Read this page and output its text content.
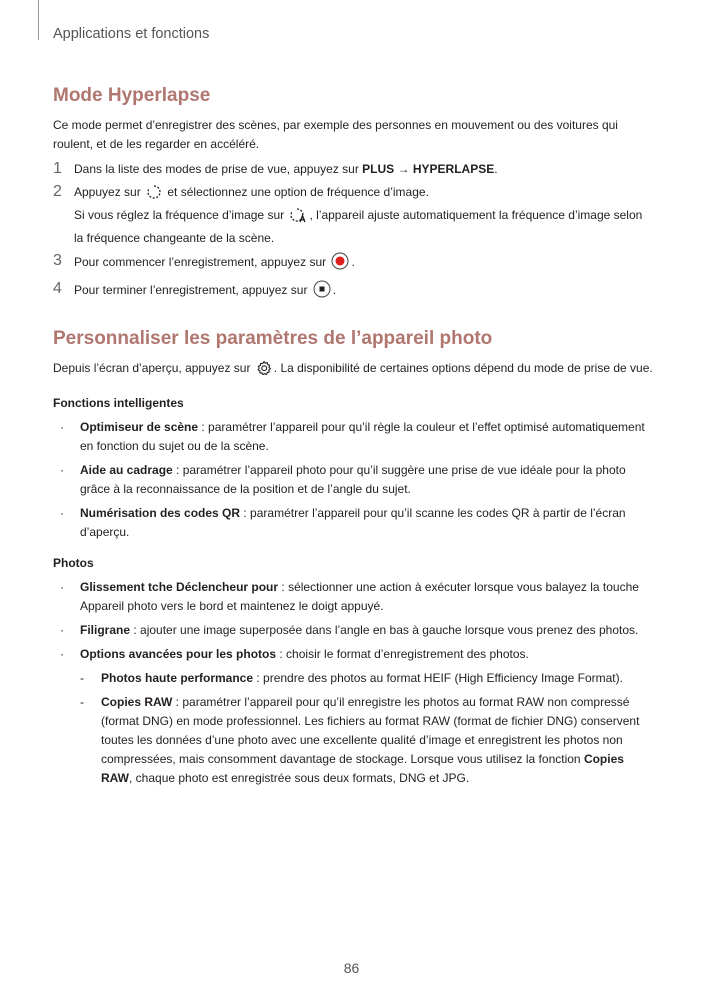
Applications et fonctions
Mode Hyperlapse

Ce mode permet d’enregistrer des scènes, par exemple des personnes en mouvement ou des voitures qui roulent, et de les regarder en accéléré.

1 Dans la liste des modes de prise de vue, appuyez sur PLUS → HYPERLAPSE.
2 Appuyez sur  et sélectionnez une option de fréquence d’image.
Si vous réglez la fréquence d’image sur , l’appareil ajuste automatiquement la fréquence d’image selon la fréquence changeante de la scène.
3 Pour commencer l’enregistrement, appuyez sur .
4 Pour terminer l’enregistrement, appuyez sur .
Personnaliser les paramètres de l’appareil photo

Depuis l’écran d’aperçu, appuyez sur . La disponibilité de certaines options dépend du mode de prise de vue.

Fonctions intelligentes
· Optimiseur de scène : paramétrer l’appareil pour qu’il règle la couleur et l’effet optimisé automatiquement en fonction du sujet ou de la scène.
· Aide au cadrage : paramétrer l’appareil photo pour qu’il suggère une prise de vue idéale pour la photo grâce à la reconnaissance de la position et de l’angle du sujet.
· Numérisation des codes QR : paramétrer l’appareil pour qu’il scanne les codes QR à partir de l’écran d’aperçu.
Photos
· Glissement tche Déclencheur pour : sélectionner une action à exécuter lorsque vous balayez la touche Appareil photo vers le bord et maintenez le doigt appuyé.
· Filigrane : ajouter une image superposée dans l’angle en bas à gauche lorsque vous prenez des photos.
· Options avancées pour les photos : choisir le format d’enregistrement des photos.
- Photos haute performance : prendre des photos au format HEIF (High Efficiency Image Format).
- Copies RAW : paramétrer l’appareil pour qu’il enregistre les photos au format RAW non compressé (format DNG) en mode professionnel. Les fichiers au format RAW (format de fichier DNG) conservent toutes les données d’une photo avec une excellente qualité d’image et enregistrent les photos non compressées, mais consomment davantage de stockage. Lorsque vous utilisez la fonction Copies RAW, chaque photo est enregistrée sous deux formats, DNG et JPG.
86
